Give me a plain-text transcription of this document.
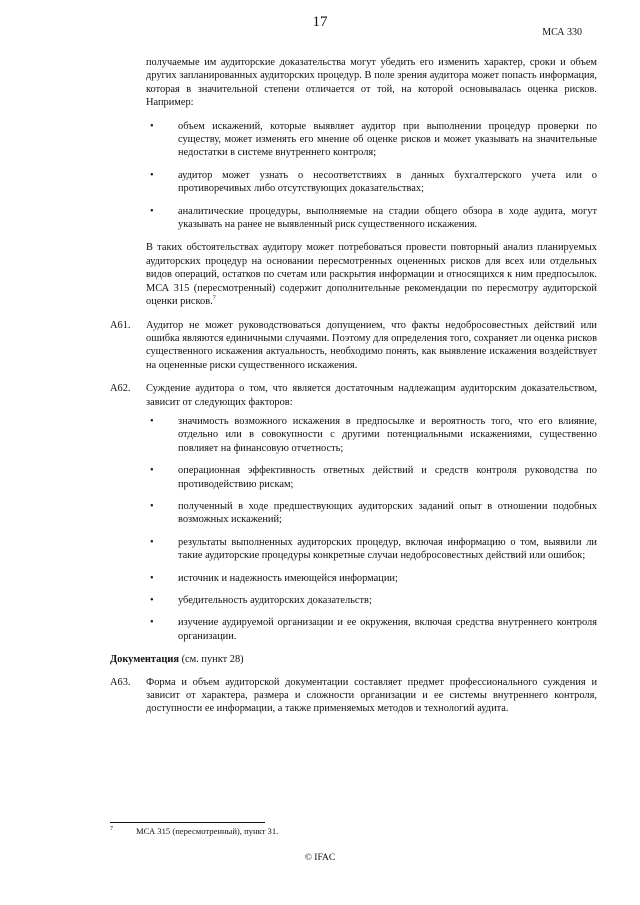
17
МСА 330

получаемые им аудиторские доказательства могут убедить его изменить характер, сроки и объем других запланированных аудиторских процедур. В поле зрения аудитора может попасть информация, которая в значительной степени отличается от той, на которой основывалась оценка рисков. Например:

• объем искажений, которые выявляет аудитор при выполнении процедур проверки по существу, может изменять его мнение об оценке рисков и может указывать на значительные недостатки в системе внутреннего контроля;
• аудитор может узнать о несоответствиях в данных бухгалтерского учета или о противоречивых либо отсутствующих доказательствах;
• аналитические процедуры, выполняемые на стадии общего обзора в ходе аудита, могут указывать на ранее не выявленный риск существенного искажения.

В таких обстоятельствах аудитору может потребоваться провести повторный анализ планируемых аудиторских процедур на основании пересмотренных оцененных рисков для всех или отдельных видов операций, остатков по счетам или раскрытия информации и относящихся к ним предпосылок. МСА 315 (пересмотренный) содержит дополнительные рекомендации по пересмотру аудиторской оценки рисков.$^7$

A61.	Аудитор не может руководствоваться допущением, что факты недобросовестных действий или ошибка являются единичными случаями. Поэтому для определения того, сохраняет ли оценка рисков существенного искажения актуальность, необходимо понять, как выявление искажения воздействует на оцененные риски существенного искажения.
A62.	Суждение аудитора о том, что является достаточным надлежащим аудиторским доказательством, зависит от следующих факторов:
• значимость возможного искажения в предпосылке и вероятность того, что его влияние, отдельно или в совокупности с другими потенциальными искажениями, существенно повлияет на финансовую отчетность;
• операционная эффективность ответных действий и средств контроля руководства по противодействию рискам;
• полученный в ходе предшествующих аудиторских заданий опыт в отношении подобных возможных искажений;
• результаты выполненных аудиторских процедур, включая информацию о том, выявили ли такие аудиторские процедуры конкретные случаи недобросовестных действий или ошибок;
• источник и надежность имеющейся информации;
• убедительность аудиторских доказательств;
• изучение аудируемой организации и ее окружения, включая средства внутреннего контроля организации.
Документация (см. пункт 28)
A63.	Форма и объем аудиторской документации составляет предмет профессионального суждения и зависит от характера, размера и сложности организации и ее системы внутреннего контроля, доступности ее информации, а также применяемых методов и технологий аудита.
7	МСА 315 (пересмотренный), пункт 31.
© IFAC
